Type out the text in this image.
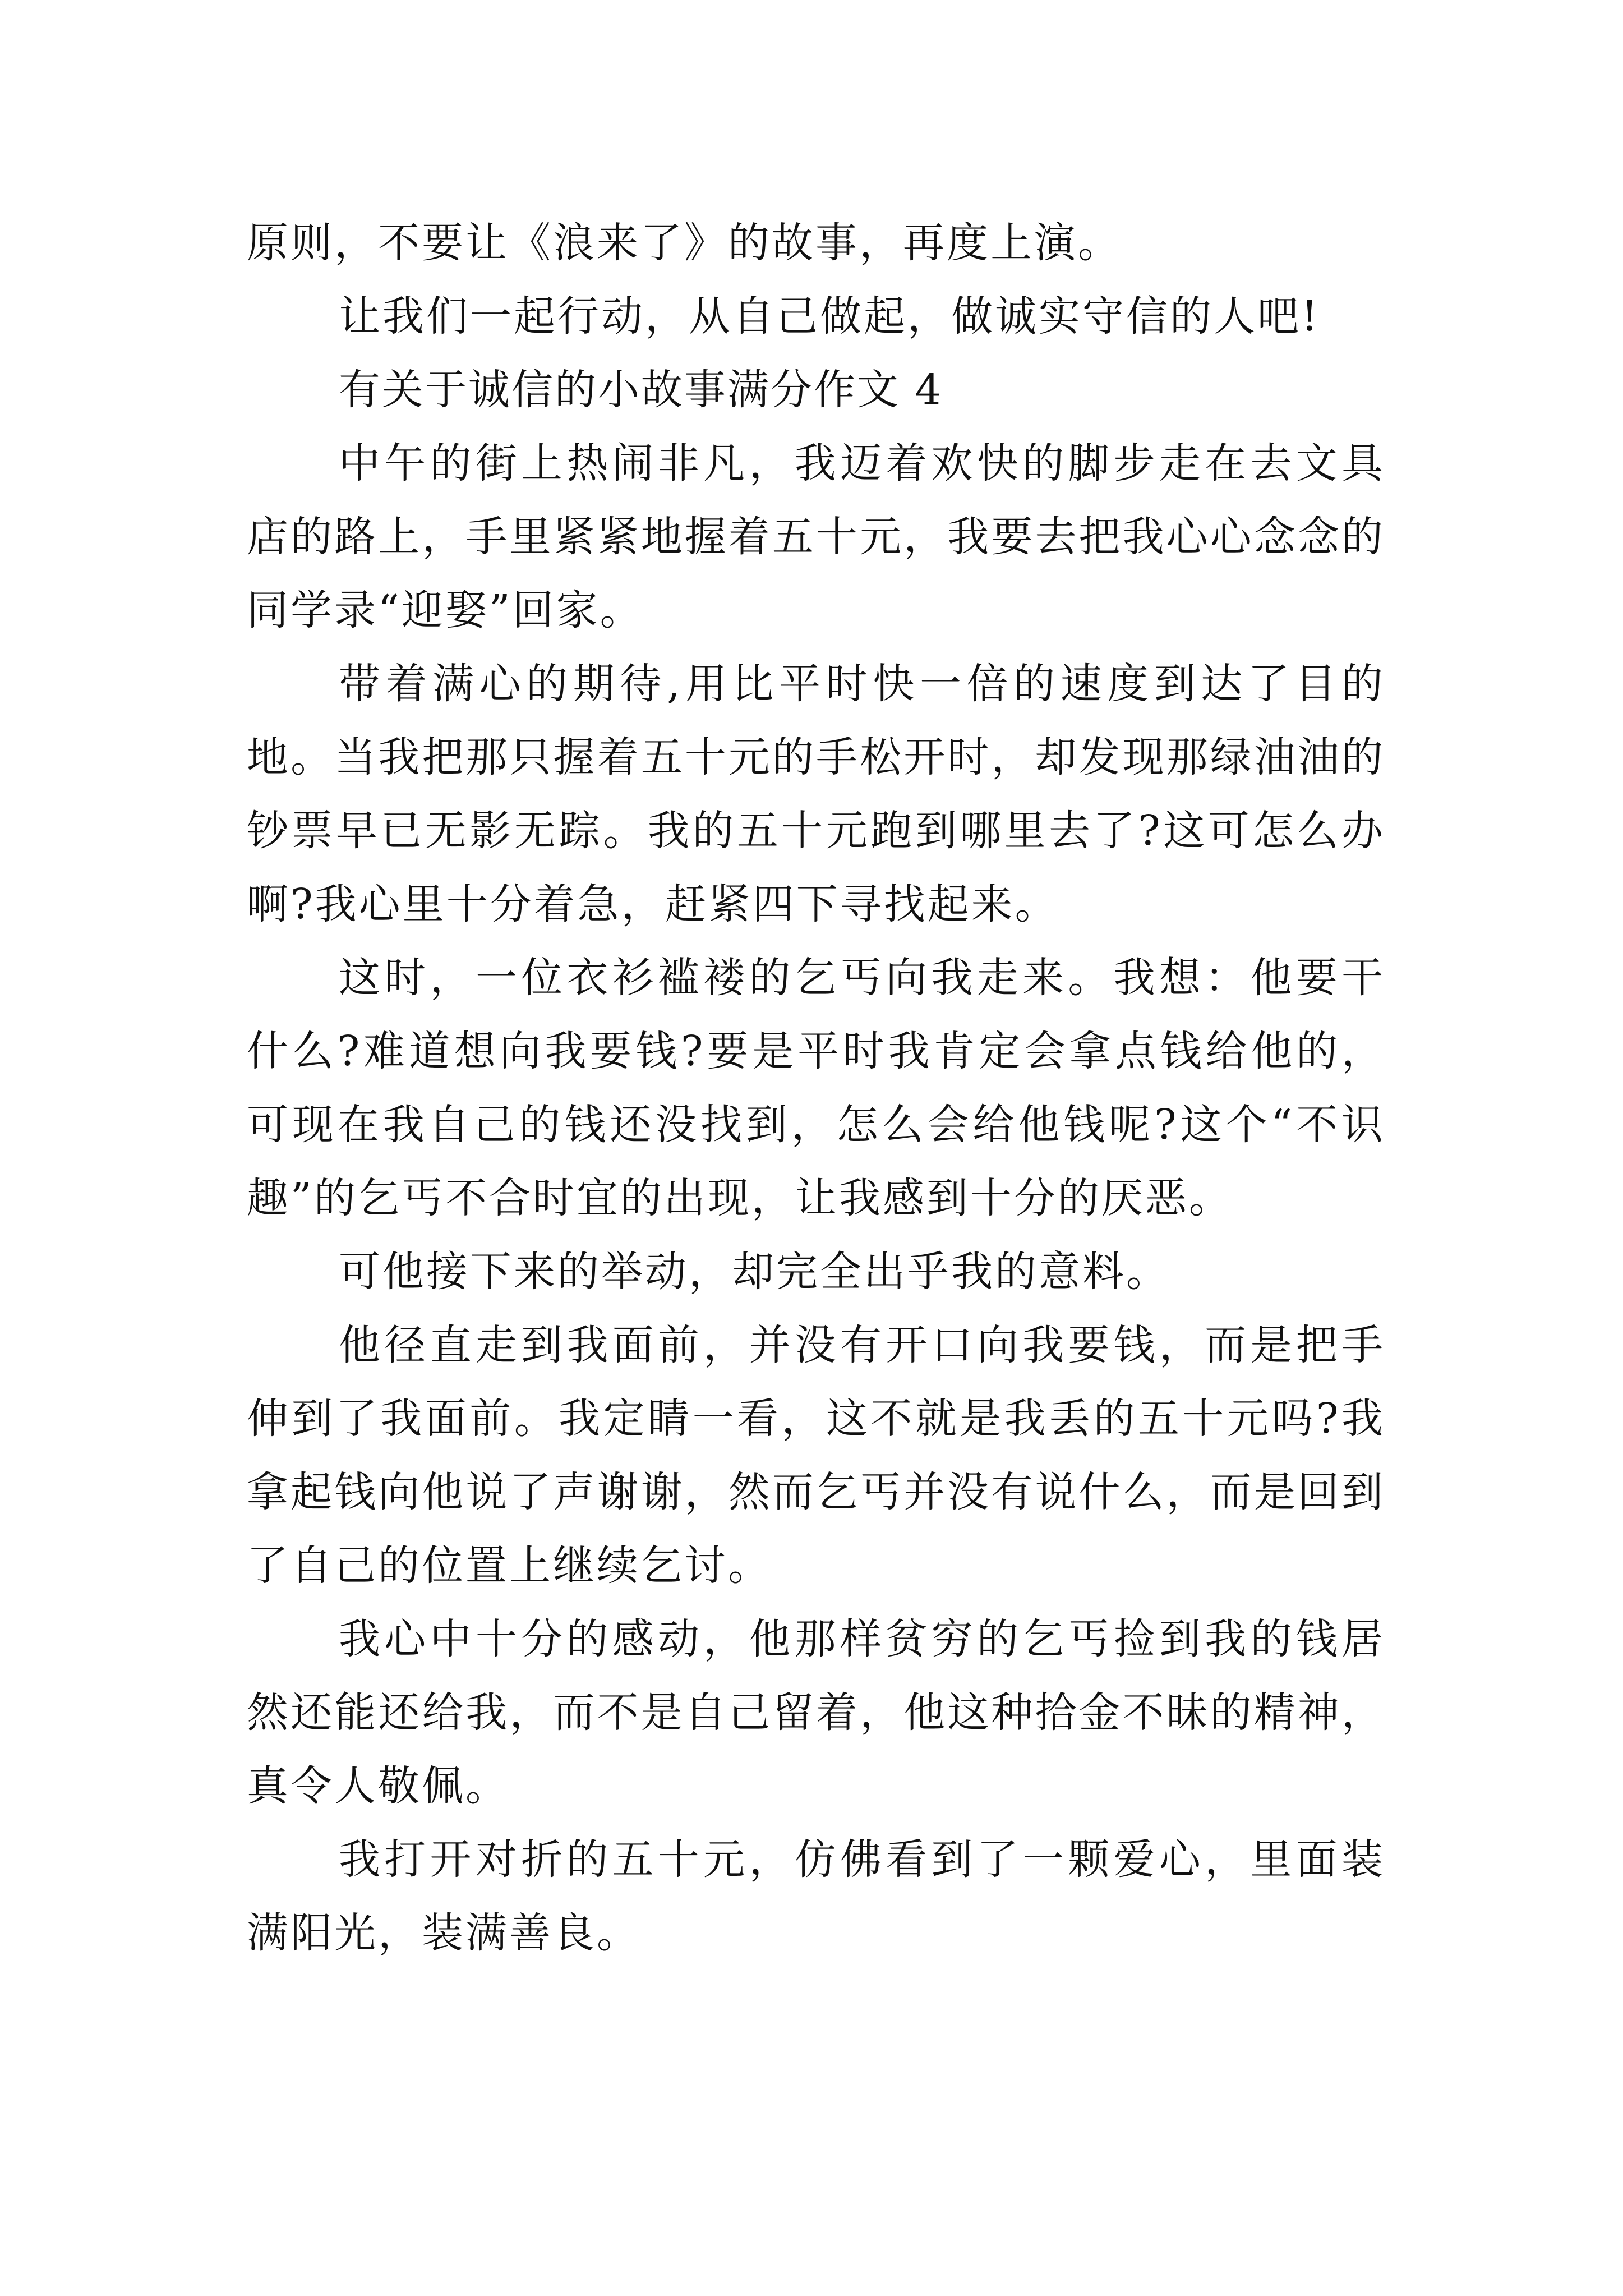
原则，不要让《浪来了》的故事，再度上演。

让我们一起行动，从自己做起，做诚实守信的人吧!

有关于诚信的小故事满分作文 4

中午的街上热闹非凡，我迈着欢快的脚步走在去文具店的路上，手里紧紧地握着五十元，我要去把我心心念念的同学录“迎娶”回家。

带着满心的期待,用比平时快一倍的速度到达了目的地。当我把那只握着五十元的手松开时，却发现那绿油油的钞票早已无影无踪。我的五十元跑到哪里去了?这可怎么办啊?我心里十分着急，赶紧四下寻找起来。

这时，一位衣衫褴褛的乞丐向我走来。我想：他要干什么?难道想向我要钱?要是平时我肯定会拿点钱给他的，可现在我自己的钱还没找到，怎么会给他钱呢?这个“不识趣”的乞丐不合时宜的出现，让我感到十分的厌恶。

可他接下来的举动，却完全出乎我的意料。

他径直走到我面前，并没有开口向我要钱，而是把手伸到了我面前。我定睛一看，这不就是我丢的五十元吗?我拿起钱向他说了声谢谢，然而乞丐并没有说什么，而是回到了自己的位置上继续乞讨。

我心中十分的感动，他那样贫穷的乞丐捡到我的钱居然还能还给我，而不是自己留着，他这种拾金不昧的精神，真令人敬佩。

我打开对折的五十元，仿佛看到了一颗爱心，里面装满阳光，装满善良。
